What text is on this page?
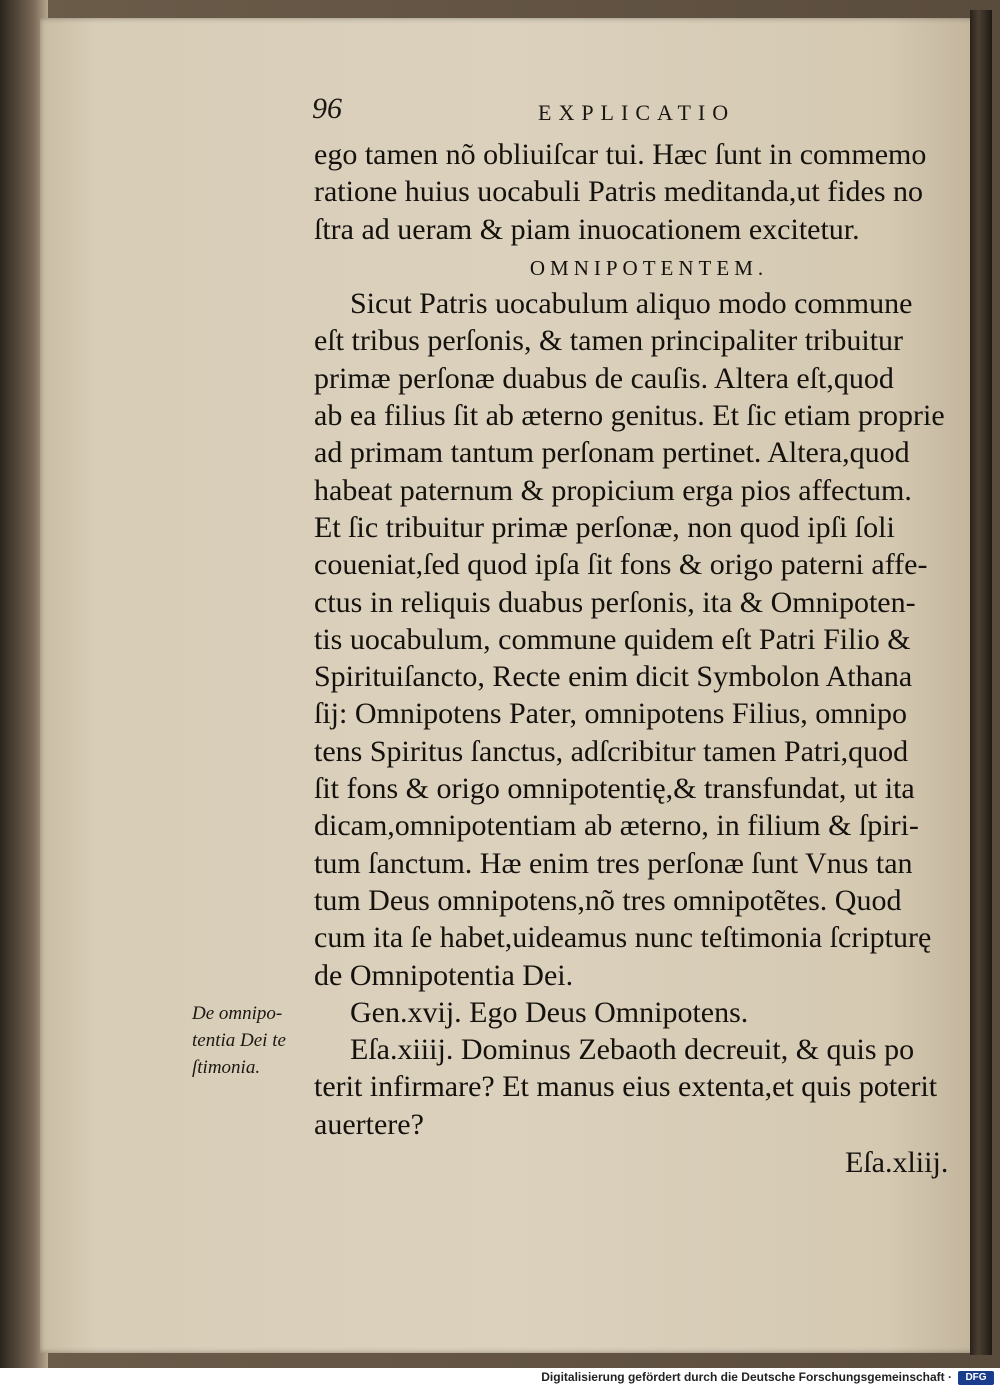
96	EXPLICATIO
ego tamen nõ obliuiſcar tui. Hæc ſunt in commemo
ratione huius uocabuli Patris meditanda,ut fides no
ſtra ad ueram & piam inuocationem excitetur.
OMNIPOTENTEM.
Sicut Patris uocabulum aliquo modo commune
eſt tribus perſonis, & tamen principaliter tribuitur
primæ perſonæ duabus de cauſis. Altera eſt,quod
ab ea filius ſit ab æterno genitus. Et ſic etiam proprie
ad primam tantum perſonam pertinet. Altera,quod
habeat paternum & propicium erga pios affectum.
Et ſic tribuitur primæ perſonæ, non quod ipſi ſoli
coueniat,ſed quod ipſa ſit fons & origo paterni affe-
ctus in reliquis duabus perſonis, ita & Omnipoten-
tis uocabulum, commune quidem eſt Patri Filio &
Spirituiſancto, Recte enim dicit Symbolon Athana
ſij: Omnipotens Pater, omnipotens Filius, omnipo
tens Spiritus ſanctus, adſcribitur tamen Patri,quod
ſit fons & origo omnipotentię,& transfundat, ut ita
dicam,omnipotentiam ab æterno, in filium & ſpiri-
tum ſanctum. Hæ enim tres perſonæ ſunt Vnus tan
tum Deus omnipotens,nõ tres omnipotẽtes. Quod
cum ita ſe habet,uideamus nunc teſtimonia ſcripturę
de Omnipotentia Dei.
Gen.xvij. Ego Deus Omnipotens.
Eſa.xiiij. Dominus Zebaoth decreuit, & quis po
terit infirmare? Et manus eius extenta,et quis poterit
auertere?
De omnipo-
tentia Dei te
ſtimonia.
Eſa.xliij.
Digitalisierung gefördert durch die Deutsche Forschungsgemeinschaft ·	DFG
